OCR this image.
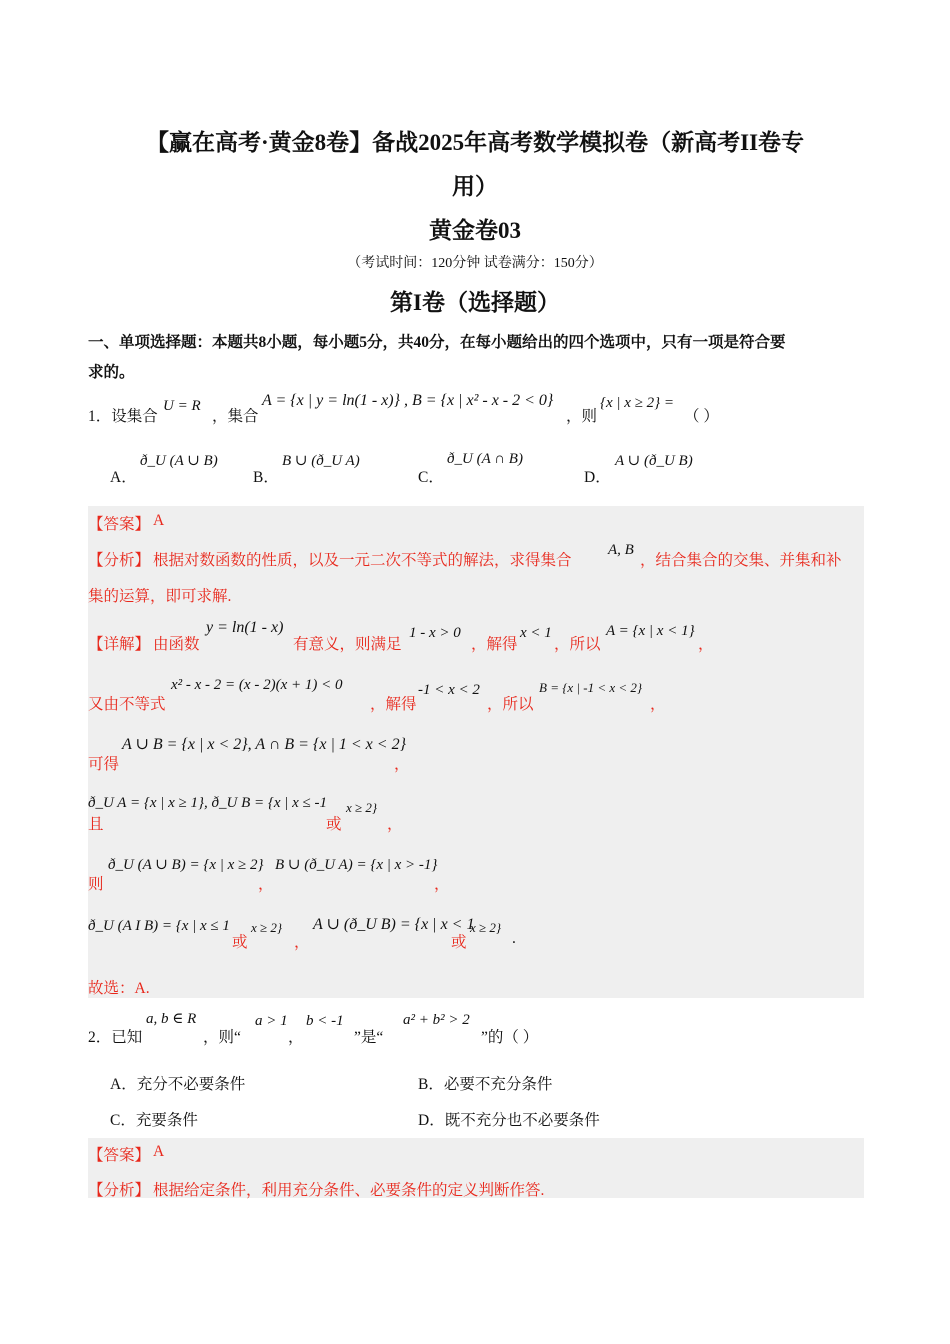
【赢在高考·黄金8卷】备战2025年高考数学模拟卷（新高考II卷专
用）
黄金卷03
（考试时间：120分钟 试卷满分：150分）
第I卷（选择题）
一、单项选择题：本题共8小题，每小题5分，共40分，在每小题给出的四个选项中，只有一项是符合要
求的。
1．设集合
U = R
，集合
A = {x | y = ln(1 - x)} , B = {x | x² - x - 2 < 0}
，则
{x | x ≥ 2} =
（ ）
A．
ð_U (A ∪ B)
B．
B ∪ (ð_U A)
C．
ð_U (A ∩ B)
D．
A ∪ (ð_U B)
【答案】 A
【分析】 根据对数函数的性质，以及一元二次不等式的解法，求得集合
A, B
，结合集合的交集、并集和补
集的运算，即可求解.
【详解】 由函数
y = ln(1 - x)
有意义，则满足
1 - x > 0
，解得
x < 1
，所以
A = {x | x < 1}
，
又由不等式
x² - x - 2 = (x - 2)(x + 1) < 0
，解得
-1 < x < 2
，所以
B = {x | -1 < x < 2}
，
可得
A ∪ B = {x | x < 2}, A ∩ B = {x | 1 < x < 2}
，
且
ð_U A = {x | x ≥ 1}, ð_U B = {x | x ≤ -1
或
x ≥ 2}
，
则
ð_U (A ∪ B) = {x | x ≥ 2}
，
B ∪ (ð_U A) = {x | x > -1}
，
ð_U (A I B) = {x | x ≤ 1
或
x ≥ 2}
，
A ∪ (ð_U B) = {x | x < 1
或
x ≥ 2}
.
故选：A.
2．已知
a, b ∈ R
，则“
a > 1
，
b < -1
”是“
a² + b² > 2
”的（ ）
A．充分不必要条件	B．必要不充分条件
C．充要条件	D．既不充分也不必要条件
【答案】 A
【分析】 根据给定条件，利用充分条件、必要条件的定义判断作答.
